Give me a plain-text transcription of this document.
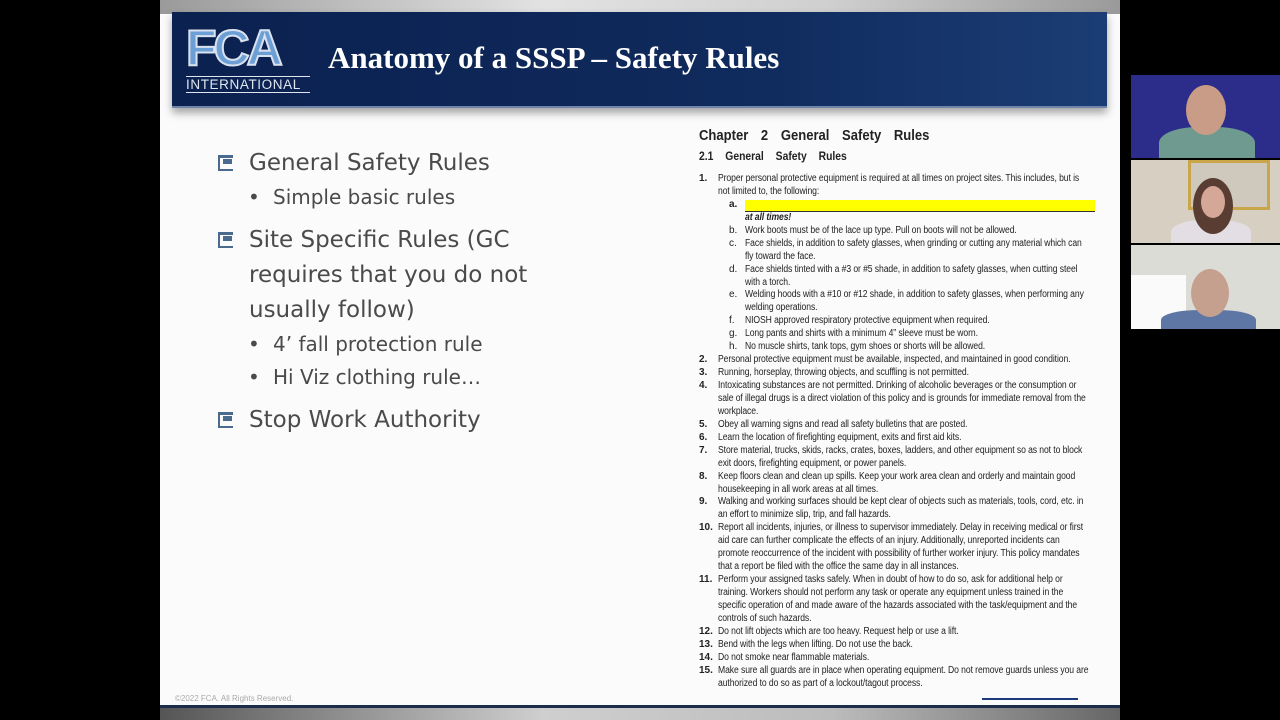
FCA
INTERNATIONAL
Anatomy of a SSSP – Safety Rules
General Safety Rules
• Simple basic rules
Site Specific Rules (GC
requires that you do not
usually follow)
• 4’ fall protection rule
• Hi Viz clothing rule…
Stop Work Authority
Chapter 2 General Safety Rules
2.1 General Safety Rules
1.	Proper personal protective equipment is required at all times on project sites. This includes, but is
not limited to, the following:
a.
at all times!
b. Work boots must be of the lace up type. Pull on boots will not be allowed.
c. Face shields, in addition to safety glasses, when grinding or cutting any material which can
fly toward the face.
d. Face shields tinted with a #3 or #5 shade, in addition to safety glasses, when cutting steel
with a torch.
e. Welding hoods with a #10 or #12 shade, in addition to safety glasses, when performing any
welding operations.
f.	NIOSH approved respiratory protective equipment when required.
g. Long pants and shirts with a minimum 4” sleeve must be worn.
h. No muscle shirts, tank tops, gym shoes or shorts will be allowed.
2.	Personal protective equipment must be available, inspected, and maintained in good condition.
3.	Running, horseplay, throwing objects, and scuffling is not permitted.
4.	Intoxicating substances are not permitted. Drinking of alcoholic beverages or the consumption or
sale of illegal drugs is a direct violation of this policy and is grounds for immediate removal from the
workplace.
5.	Obey all warning signs and read all safety bulletins that are posted.
6.	Learn the location of firefighting equipment, exits and first aid kits.
7.	Store material, trucks, skids, racks, crates, boxes, ladders, and other equipment so as not to block
exit doors, firefighting equipment, or power panels.
8.	Keep floors clean and clean up spills. Keep your work area clean and orderly and maintain good
housekeeping in all work areas at all times.
9.	Walking and working surfaces should be kept clear of objects such as materials, tools, cord, etc. in
an effort to minimize slip, trip, and fall hazards.
10. Report all incidents, injuries, or illness to supervisor immediately. Delay in receiving medical or first
aid care can further complicate the effects of an injury. Additionally, unreported incidents can
promote reoccurrence of the incident with possibility of further worker injury. This policy mandates
that a report be filed with the office the same day in all instances.
11. Perform your assigned tasks safely. When in doubt of how to do so, ask for additional help or
training. Workers should not perform any task or operate any equipment unless trained in the
specific operation of and made aware of the hazards associated with the task/equipment and the
controls of such hazards.
12. Do not lift objects which are too heavy. Request help or use a lift.
13. Bend with the legs when lifting. Do not use the back.
14. Do not smoke near flammable materials.
15. Make sure all guards are in place when operating equipment. Do not remove guards unless you are
authorized to do so as part of a lockout/tagout process.
©2022 FCA. All Rights Reserved.
